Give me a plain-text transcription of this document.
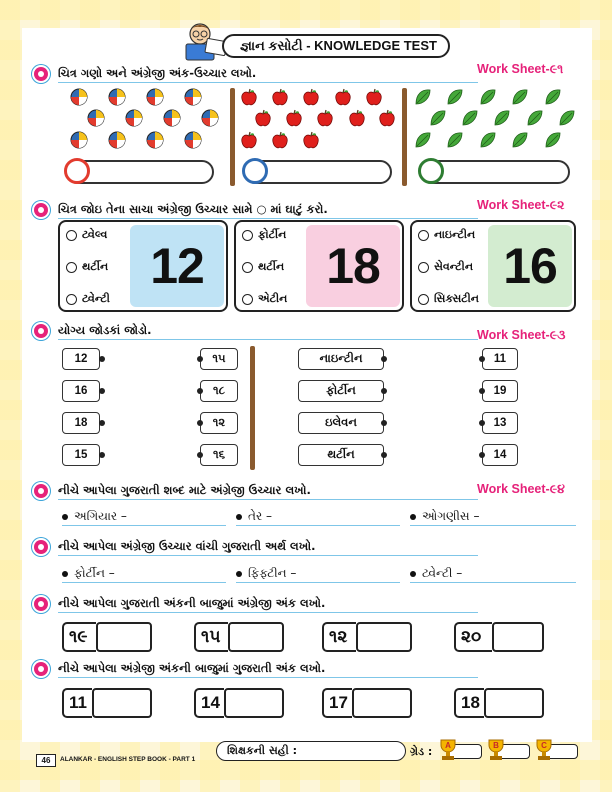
જ્ઞાન કસોટી - KNOWLEDGE TEST
ચિત્ર ગણો અને અંગ્રેજી અંક-ઉચ્ચાર લખો.	Work Sheet-૯૧
ચિત્ર જોઇ તેના સાચા અંગ્રેજી ઉચ્ચાર સામે ○ માં ઘાટું કરો.	Work Sheet-૯૨
ટ્વેલ્વ
થર્ટીન
ટ્વેન્ટી
12
ફોર્ટીન
થર્ટીન
એટીન
18
નાઇન્ટીન
સેવન્ટીન
સિક્સટીન
16
યોગ્ય જોડકાં જોડો.	Work Sheet-૯૩
12	૧૫	નાઇન્ટીન	11
16	૧૮	ફોર્ટીન	19
18	૧૨	ઇલેવન	13
15	૧૬	થર્ટીન	14
નીચે આપેલા ગુજરાતી શબ્દ માટે અંગ્રેજી ઉચ્ચાર લખો.	Work Sheet-૯૪
અગિયાર –	તેર –	ઓગણીસ –
નીચે આપેલા અંગ્રેજી ઉચ્ચાર વાંચી ગુજરાતી અર્થ લખો.
ફોર્ટીન –	ફિફ્ટીન –	ટ્વેન્ટી –
નીચે આપેલા ગુજરાતી અંકની બાજુમાં અંગ્રેજી અંક લખો.
૧૯	૧૫	૧૨	૨૦
નીચે આપેલા અંગ્રેજી અંકની બાજુમાં ગુજરાતી અંક લખો.
11	14	17	18
46	ALANKAR - ENGLISH STEP BOOK - PART 1
શિક્ષકની સહી :	ગ્રેડ : A	B	C
